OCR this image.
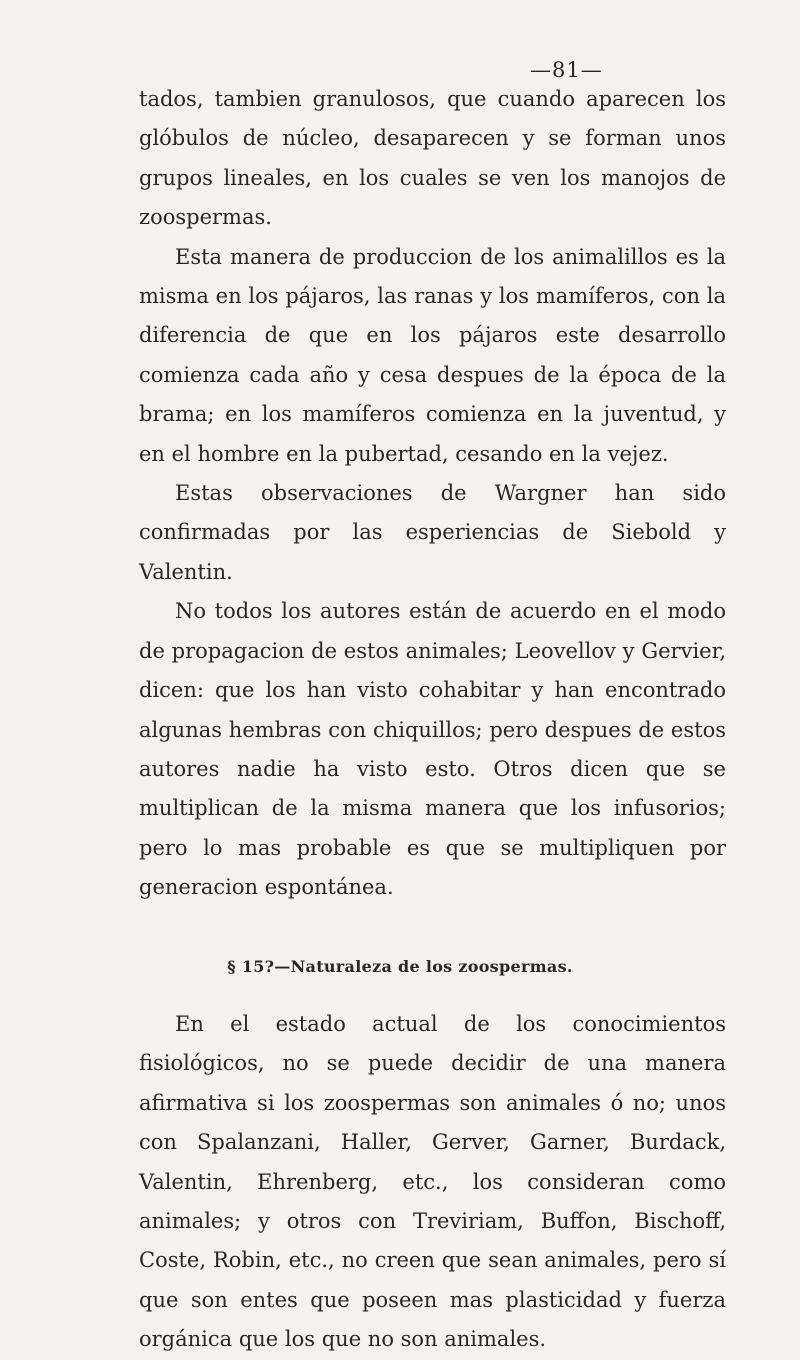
—81—

tados, tambien granulosos, que cuando aparecen los glóbulos de núcleo, desaparecen y se forman unos grupos lineales, en los cuales se ven los manojos de zoospermas.

Esta manera de produccion de los animalillos es la misma en los pájaros, las ranas y los mamíferos, con la diferencia de que en los pájaros este desarrollo comienza cada año y cesa despues de la época de la brama; en los mamíferos comienza en la juventud, y en el hombre en la pubertad, cesando en la vejez.

Estas observaciones de Wargner han sido confirmadas por las esperiencias de Siebold y Valentin.

No todos los autores están de acuerdo en el modo de propagacion de estos animales; Leovellov y Gervier, dicen: que los han visto cohabitar y han encontrado algunas hembras con chiquillos; pero despues de estos autores nadie ha visto esto. Otros dicen que se multiplican de la misma manera que los infusorios; pero lo mas probable es que se multipliquen por generacion espontánea.

§ 15?—Naturaleza de los zoospermas.

En el estado actual de los conocimientos fisiológicos, no se puede decidir de una manera afirmativa si los zoospermas son animales ó no; unos con Spalanzani, Haller, Gerver, Garner, Burdack, Valentin, Ehrenberg, etc., los consideran como animales; y otros con Treviriam, Buffon, Bischoff, Coste, Robin, etc., no creen que sean animales, pero sí que son entes que poseen mas plasticidad y fuerza orgánica que los que no son animales.
